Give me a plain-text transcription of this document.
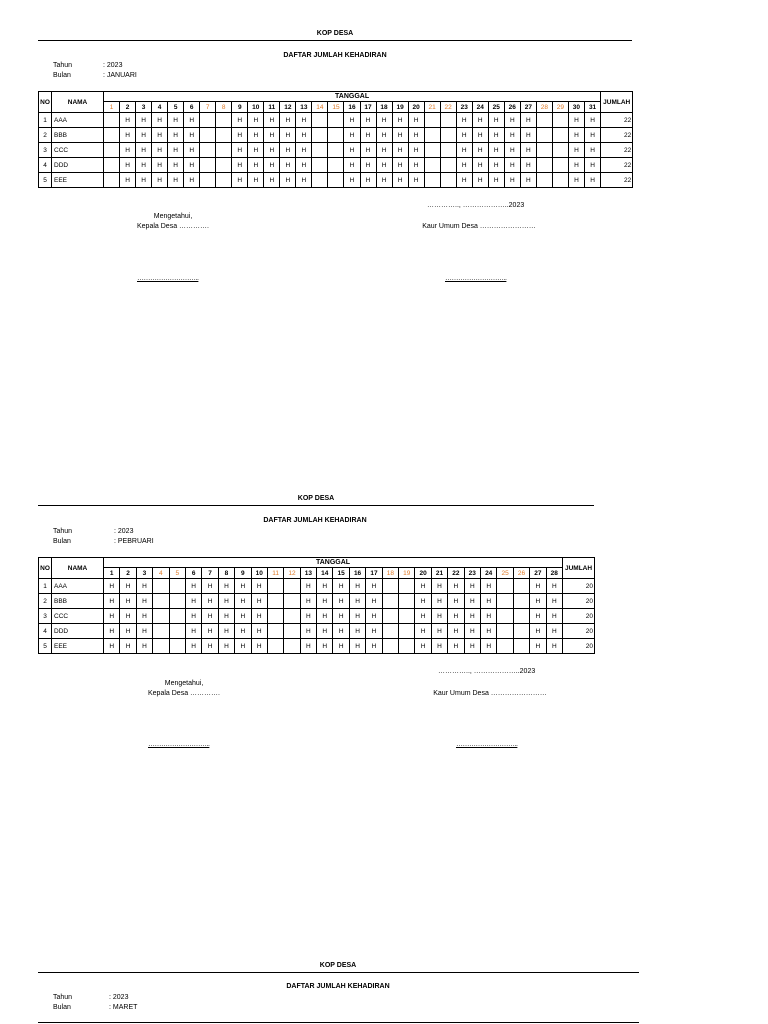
KOP DESA
DAFTAR JUMLAH KEHADIRAN
Tahun	: 2023
Bulan	: JANUARI
NO	NAMA	TANGGAL																															JUMLAH
		1	2	3	4	5	6	7	8	9	10	11	12	13	14	15	16	17	18	19	20	21	22	23	24	25	26	27	28	29	30	31	
1	AAA		H	H	H	H	H			H	H	H	H	H			H	H	H	H	H			H	H	H	H	H			H	H	22
2	BBB		H	H	H	H	H			H	H	H	H	H			H	H	H	H	H			H	H	H	H	H			H	H	22
3	CCC		H	H	H	H	H			H	H	H	H	H			H	H	H	H	H			H	H	H	H	H			H	H	22
4	DDD		H	H	H	H	H			H	H	H	H	H			H	H	H	H	H			H	H	H	H	H			H	H	22
5	EEE		H	H	H	H	H			H	H	H	H	H			H	H	H	H	H			H	H	H	H	H			H	H	22
………….., ………………..2023
Mengetahui,
Kepala Desa ………….	Kaur Umum Desa ……………………
………………………..	………………………..
KOP DESA
DAFTAR JUMLAH KEHADIRAN
Tahun	: 2023
Bulan	: PEBRUARI
NO	NAMA	TANGGAL																												JUMLAH
		1	2	3	4	5	6	7	8	9	10	11	12	13	14	15	16	17	18	19	20	21	22	23	24	25	26	27	28	
1	AAA	H	H	H			H	H	H	H	H			H	H	H	H	H			H	H	H	H	H			H	H	20
2	BBB	H	H	H			H	H	H	H	H			H	H	H	H	H			H	H	H	H	H			H	H	20
3	CCC	H	H	H			H	H	H	H	H			H	H	H	H	H			H	H	H	H	H			H	H	20
4	DDD	H	H	H			H	H	H	H	H			H	H	H	H	H			H	H	H	H	H			H	H	20
5	EEE	H	H	H			H	H	H	H	H			H	H	H	H	H			H	H	H	H	H			H	H	20
………….., ………………..2023
Mengetahui,
Kepala Desa ………….	Kaur Umum Desa ……………………
………………………..	………………………..
KOP DESA
DAFTAR JUMLAH KEHADIRAN
Tahun	: 2023
Bulan	: MARET
